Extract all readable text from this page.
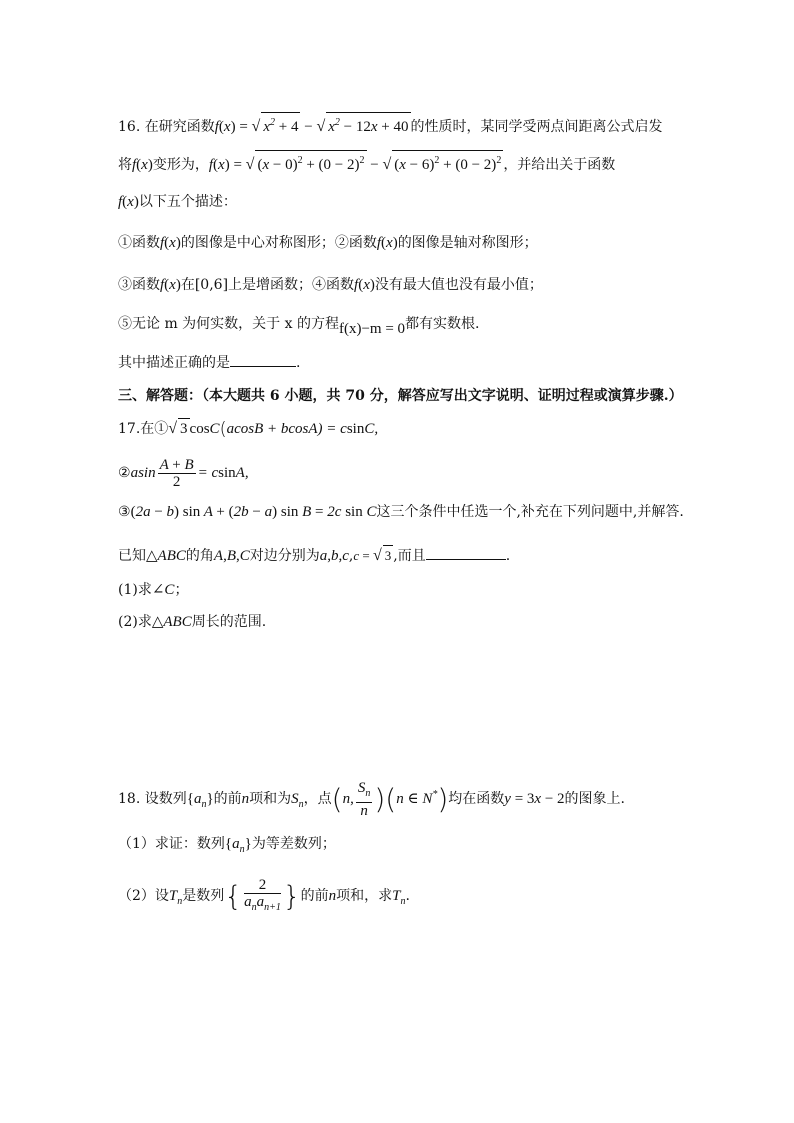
16. 在研究函数f(x) = √ $x^2 + 4$ − √ $x^2 - 12x + 40$ 的性质时，某同学受两点间距离公式启发
将f(x)变形为，f(x) = √ $(x - 0)^2 + (0 - 2)^2$ − √ $(x - 6)^2 + (0 - 2)^2$ ，并给出关于函数
f(x)以下五个描述：
①函数f(x)的图像是中心对称图形；②函数f(x)的图像是轴对称图形；
③函数f(x)在[0,6]上是增函数；④函数f(x)没有最大值也没有最小值；
⑤无论 m 为何实数，关于 x 的方程f(x)−m = 0都有实数根.
其中描述正确的是	.
三、解答题：（本大题共 6 小题，共 70 分，解答应写出文字说明、证明过程或演算步骤.）
17.在①√ 3 cosC(acosB + bcosA) = csinC,
②asin $\frac{A + B}{2} = csinA$,
③(2a − b) sin A + (2b − a) sin B = 2c sin C这三个条件中任选一个,补充在下列问题中,并解答.
已知△ABC的角A,B,C对边分别为a,b,c,c = √ 3 ,而且	.
(1)求∠C；
(2)求△ABC周长的范围.
18. 设数列$\{a_n\}$的前n项和为$S_n$，点(n, $\frac{S_n}{n} )(n$ ∈ N*)均在函数y = 3x − 2的图象上.
（1）求证：数列$\{a_n\}$为等差数列；
（2）设$T_n$是数列{ $\frac{2}{a_na_{n+1}}$ }的前n项和，求$T_n$.
